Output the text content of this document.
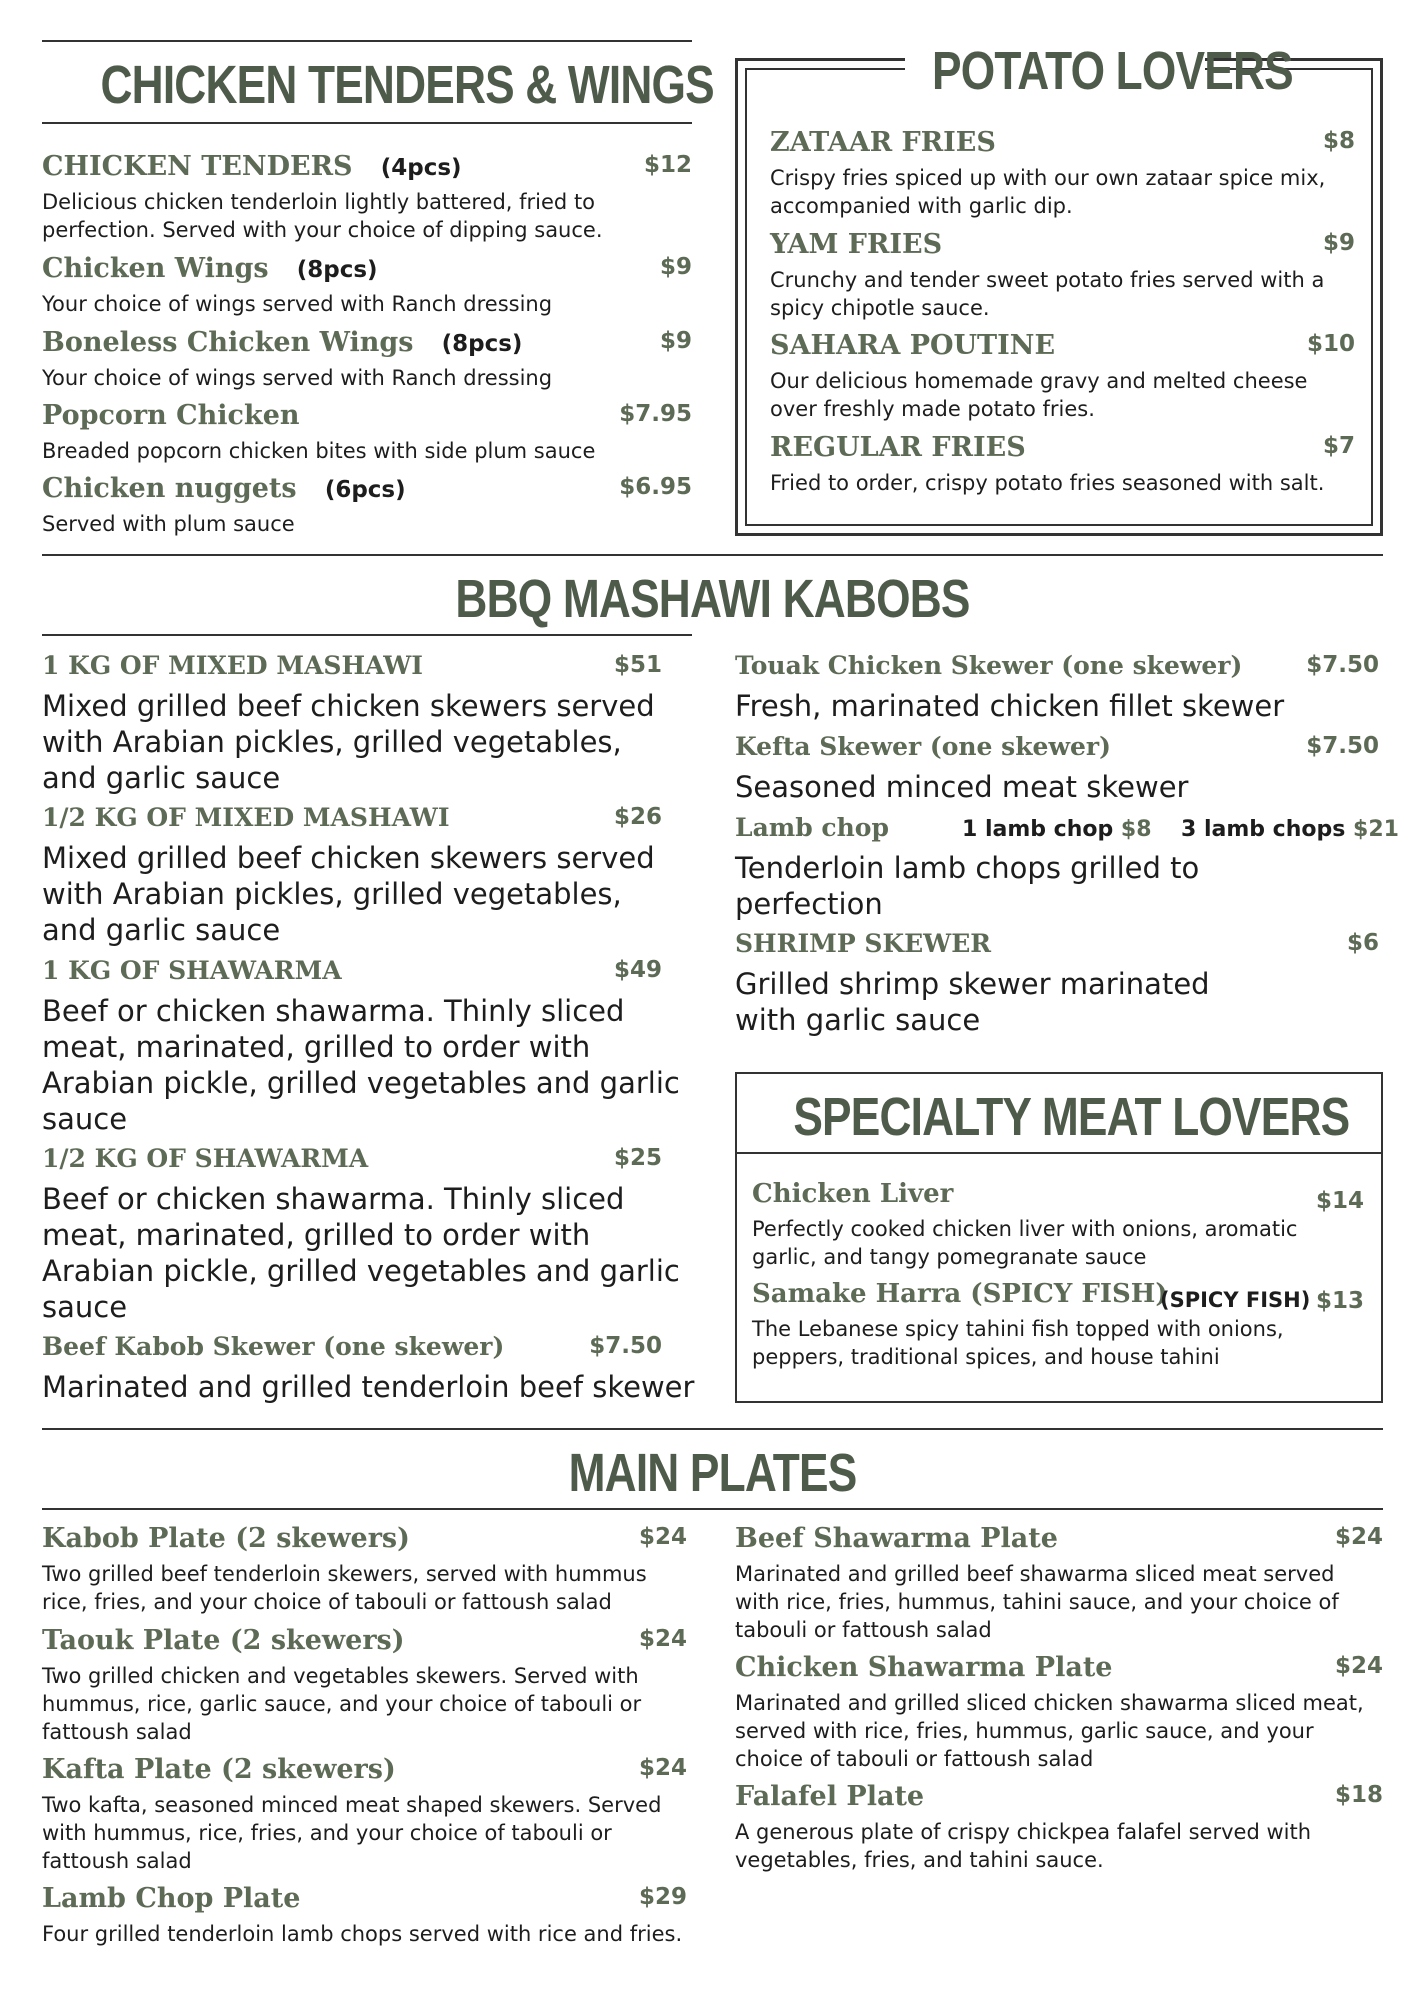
CHICKEN TENDERS & WINGS
CHICKEN TENDERS (4pcs)	$12
Delicious chicken tenderloin lightly battered, fried to perfection. Served with your choice of dipping sauce.
Chicken Wings (8pcs)	$9
Your choice of wings served with Ranch dressing
Boneless Chicken Wings (8pcs)	$9
Your choice of wings served with Ranch dressing
Popcorn Chicken	$7.95
Breaded popcorn chicken bites with side plum sauce
Chicken nuggets (6pcs)	$6.95
Served with plum sauce
POTATO LOVERS
ZATAAR FRIES	$8
Crispy fries spiced up with our own zataar spice mix, accompanied with garlic dip.
YAM FRIES	$9
Crunchy and tender sweet potato fries served with a spicy chipotle sauce.
SAHARA POUTINE	$10
Our delicious homemade gravy and melted cheese over freshly made potato fries.
REGULAR FRIES	$7
Fried to order, crispy potato fries seasoned with salt.
BBQ MASHAWI KABOBS
1 KG OF MIXED MASHAWI	$51
Mixed grilled beef chicken skewers served with Arabian pickles, grilled vegetables, and garlic sauce
1/2 KG OF MIXED MASHAWI	$26
Mixed grilled beef chicken skewers served with Arabian pickles, grilled vegetables, and garlic sauce
1 KG OF SHAWARMA	$49
Beef or chicken shawarma. Thinly sliced meat, marinated, grilled to order with Arabian pickle, grilled vegetables and garlic sauce
1/2 KG OF SHAWARMA	$25
Beef or chicken shawarma. Thinly sliced meat, marinated, grilled to order with Arabian pickle, grilled vegetables and garlic sauce
Beef Kabob Skewer (one skewer)	$7.50
Marinated and grilled tenderloin beef skewer
Touak Chicken Skewer (one skewer)	$7.50
Fresh, marinated chicken fillet skewer
Kefta Skewer (one skewer)	$7.50
Seasoned minced meat skewer
Lamb chop	1 lamb chop $8 3 lamb chops $21
Tenderloin lamb chops grilled to perfection
SHRIMP SKEWER	$6
Grilled shrimp skewer marinated with garlic sauce
SPECIALTY MEAT LOVERS
Chicken Liver	$14
Perfectly cooked chicken liver with onions, aromatic garlic, and tangy pomegranate sauce
Samake Harra (SPICY FISH)
(SPICY FISH) $13
The Lebanese spicy tahini fish topped with onions, peppers, traditional spices, and house tahini
MAIN PLATES
Kabob Plate (2 skewers)	$24
Two grilled beef tenderloin skewers, served with hummus rice, fries, and your choice of tabouli or fattoush salad
Taouk Plate (2 skewers)	$24
Two grilled chicken and vegetables skewers. Served with hummus, rice, garlic sauce, and your choice of tabouli or fattoush salad
Kafta Plate (2 skewers)	$24
Two kafta, seasoned minced meat shaped skewers. Served with hummus, rice, fries, and your choice of tabouli or fattoush salad
Lamb Chop Plate	$29
Four grilled tenderloin lamb chops served with rice and fries.
Beef Shawarma Plate	$24
Marinated and grilled beef shawarma sliced meat served with rice, fries, hummus, tahini sauce, and your choice of tabouli or fattoush salad
Chicken Shawarma Plate	$24
Marinated and grilled sliced chicken shawarma sliced meat, served with rice, fries, hummus, garlic sauce, and your choice of tabouli or fattoush salad
Falafel Plate	$18
A generous plate of crispy chickpea falafel served with vegetables, fries, and tahini sauce.
